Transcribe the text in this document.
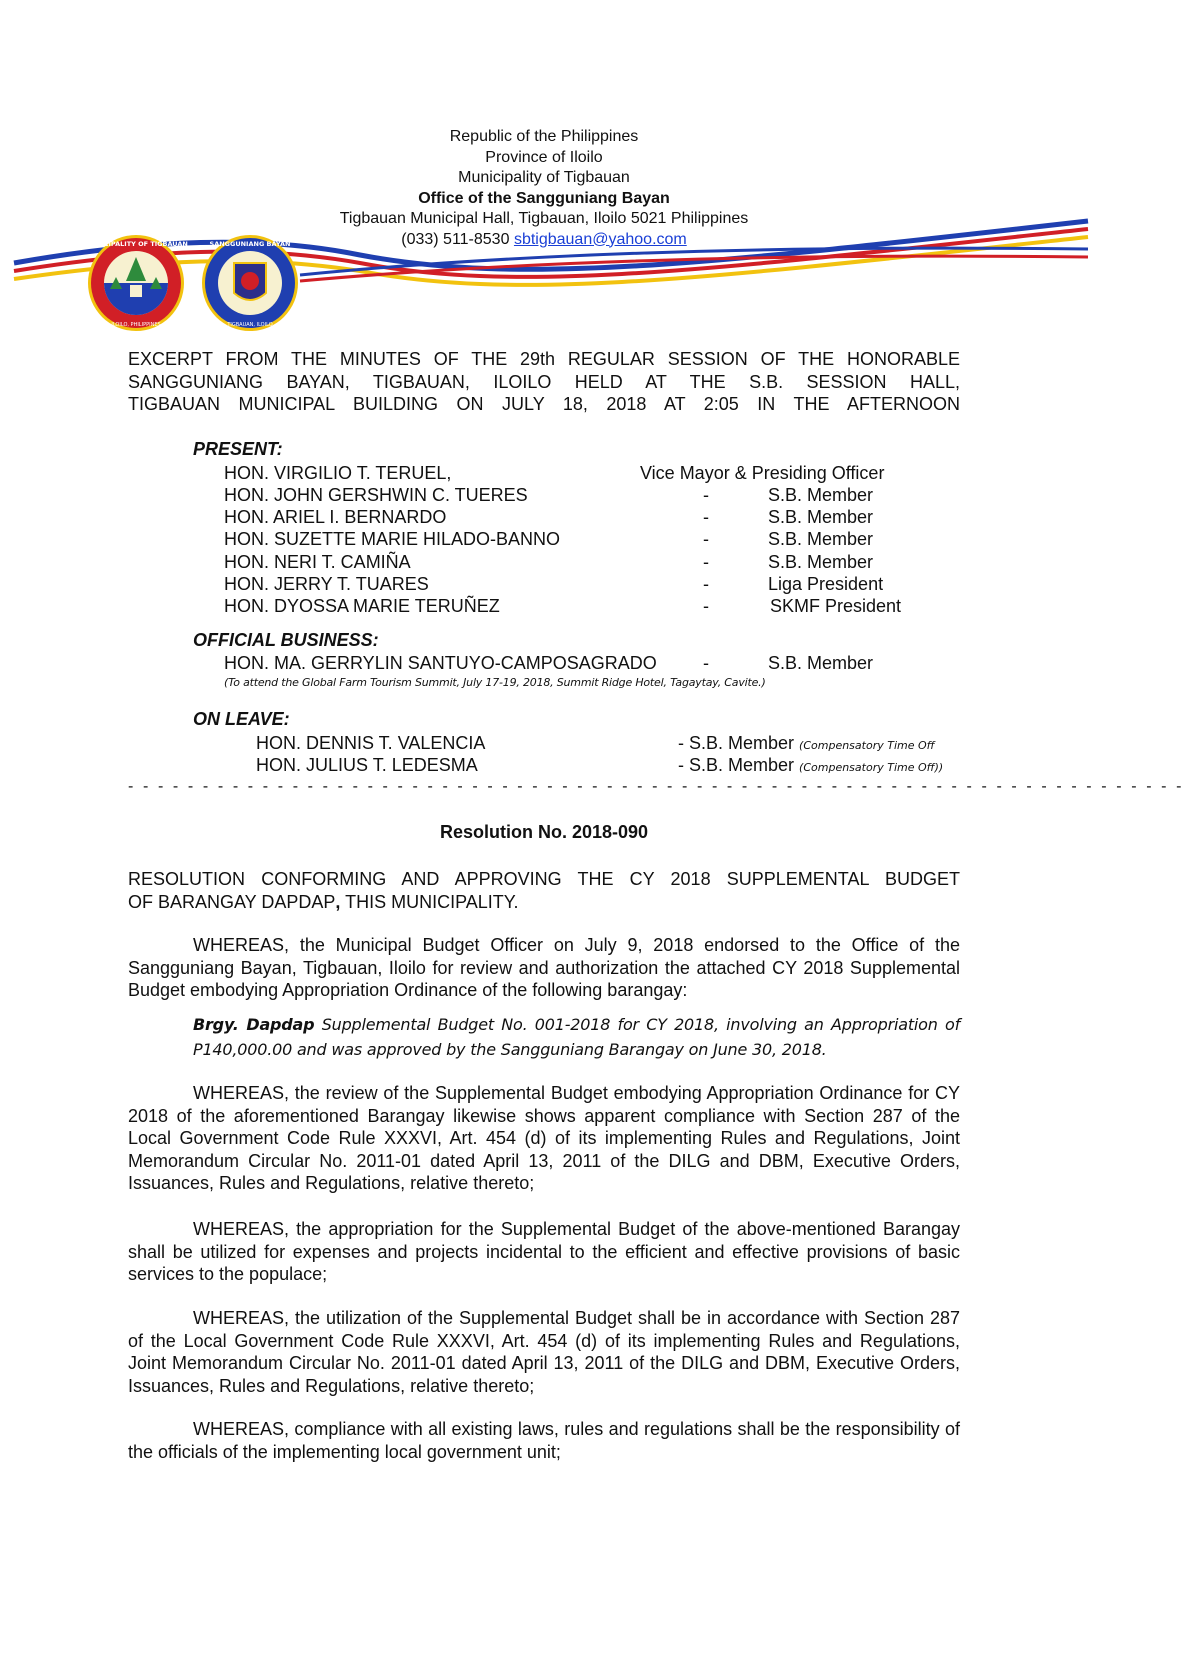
MUNICIPALITY OF TIGBAUAN
ILOILO, PHILIPPINES
SANGGUNIANG BAYAN
TIGBAUAN, ILOILO
Republic of the Philippines
Province of Iloilo
Municipality of Tigbauan
Office of the Sangguniang Bayan
Tigbauan Municipal Hall, Tigbauan, Iloilo 5021 Philippines
(033) 511-8530 sbtigbauan@yahoo.com
EXCERPT FROM THE MINUTES OF THE 29th REGULAR SESSION OF THE HONORABLE
SANGGUNIANG BAYAN, TIGBAUAN, ILOILO HELD AT THE S.B. SESSION HALL,
TIGBAUAN MUNICIPAL BUILDING ON JULY 18, 2018 AT 2:05 IN THE AFTERNOON
PRESENT:
HON. VIRGILIO T. TERUEL,	Vice Mayor & Presiding Officer
HON. JOHN GERSHWIN C. TUERES	-	S.B. Member
HON. ARIEL I. BERNARDO	-	S.B. Member
HON. SUZETTE MARIE HILADO-BANNO	-	S.B. Member
HON. NERI T. CAMIÑA	-	S.B. Member
HON. JERRY T. TUARES	-	Liga President
HON. DYOSSA MARIE TERUÑEZ	-	SKMF President
OFFICIAL BUSINESS:
HON. MA. GERRYLIN SANTUYO-CAMPOSAGRADO	-	S.B. Member
(To attend the Global Farm Tourism Summit, July 17-19, 2018, Summit Ridge Hotel, Tagaytay, Cavite.)
ON LEAVE:
HON. DENNIS T. VALENCIA	- S.B. Member (Compensatory Time Off
HON. JULIUS T. LEDESMA	- S.B. Member (Compensatory Time Off))
- - - - - - - - - - - - - - - - - - - - - - - - - - - - - - - - - - - - - - - - - - - - - - - - - - - - - - - - - - - - - - - - - - - - - - -
Resolution No. 2018-090
RESOLUTION CONFORMING AND APPROVING THE CY 2018 SUPPLEMENTAL BUDGET
OF BARANGAY DAPDAP, THIS MUNICIPALITY.
WHEREAS, the Municipal Budget Officer on July 9, 2018 endorsed to the Office of the Sangguniang Bayan, Tigbauan, Iloilo for review and authorization the attached CY 2018 Supplemental Budget embodying Appropriation Ordinance of the following barangay:
Brgy. Dapdap Supplemental Budget No. 001-2018 for CY 2018, involving an Appropriation of P140,000.00 and was approved by the Sangguniang Barangay on June 30, 2018.
WHEREAS, the review of the Supplemental Budget embodying Appropriation Ordinance for CY 2018 of the aforementioned Barangay likewise shows apparent compliance with Section 287 of the Local Government Code Rule XXXVI, Art. 454 (d) of its implementing Rules and Regulations, Joint Memorandum Circular No. 2011-01 dated April 13, 2011 of the DILG and DBM, Executive Orders, Issuances, Rules and Regulations, relative thereto;
WHEREAS, the appropriation for the Supplemental Budget of the above-mentioned Barangay shall be utilized for expenses and projects incidental to the efficient and effective provisions of basic services to the populace;
WHEREAS, the utilization of the Supplemental Budget shall be in accordance with Section 287 of the Local Government Code Rule XXXVI, Art. 454 (d) of its implementing Rules and Regulations, Joint Memorandum Circular No. 2011-01 dated April 13, 2011 of the DILG and DBM, Executive Orders, Issuances, Rules and Regulations, relative thereto;
WHEREAS, compliance with all existing laws, rules and regulations shall be the responsibility of the officials of the implementing local government unit;
